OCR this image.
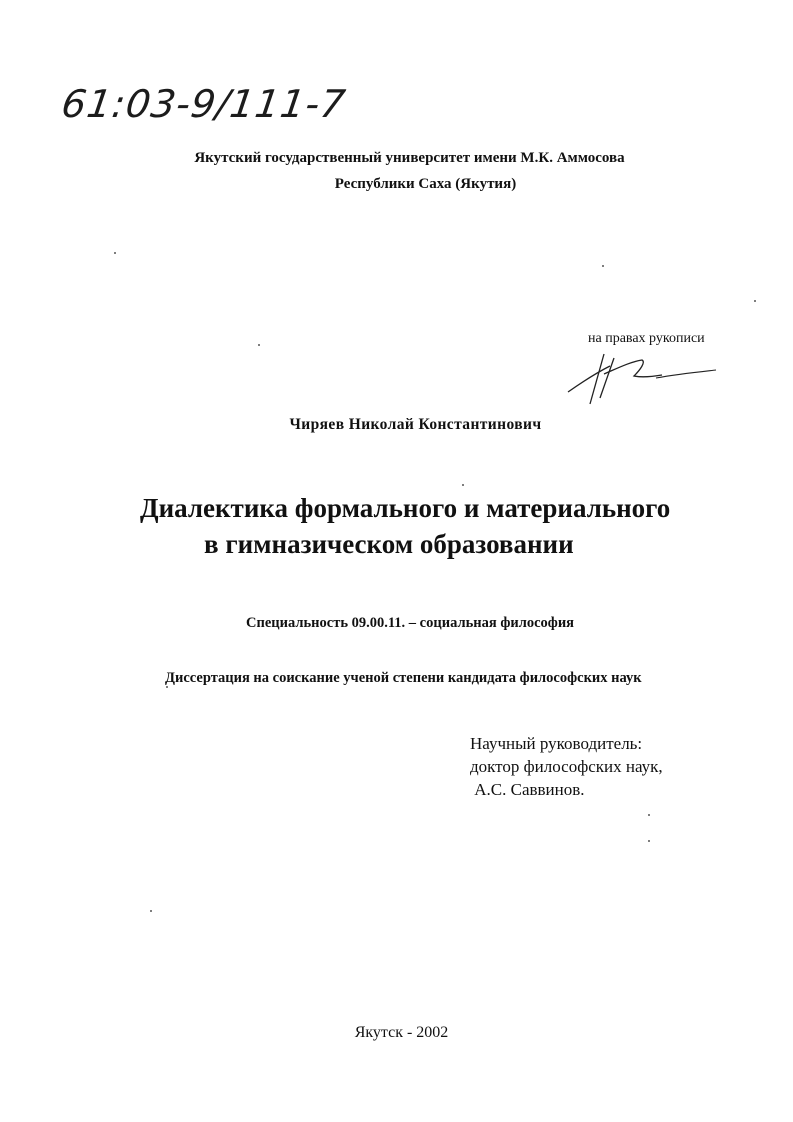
61:03-9/111-7
Якутский государственный университет имени М.К. Аммосова
Республики Саха (Якутия)
на правах рукописи
Чиряев Николай Константинович
Диалектика формального и материального
в гимназическом образовании
Специальность 09.00.11. – социальная философия
Диссертация на соискание ученой степени кандидата философских наук
Научный руководитель:
доктор философских наук,
А.С. Саввинов.
Якутск - 2002
